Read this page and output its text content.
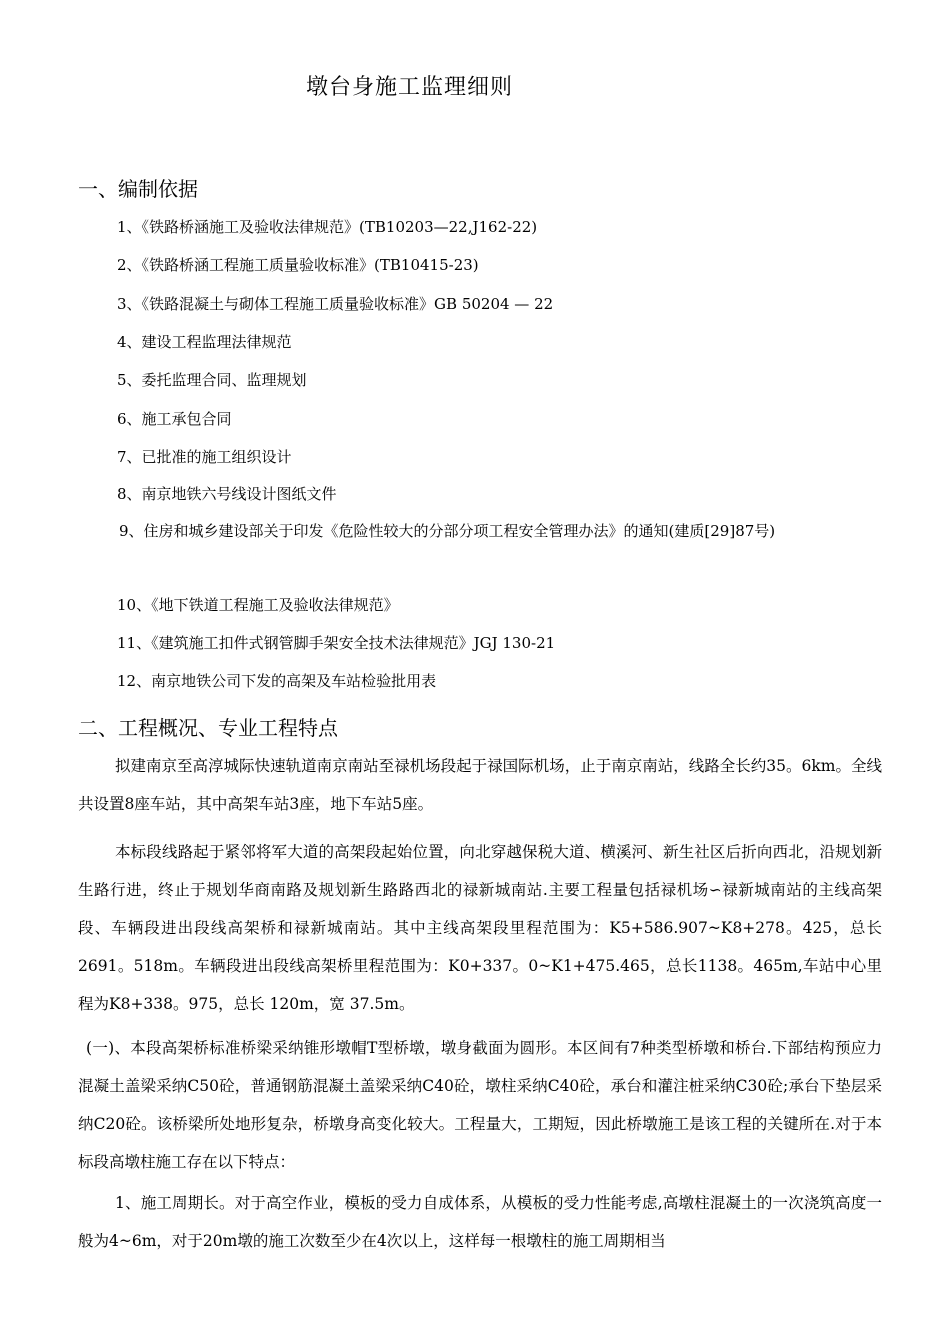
墩台身施工监理细则
一、编制依据
1、《铁路桥涵施工及验收法律规范》(TB10203—22,J162-22)
2、《铁路桥涵工程施工质量验收标准》(TB10415-23)
3、《铁路混凝土与砌体工程施工质量验收标准》GB 50204 — 22
4、建设工程监理法律规范
5、委托监理合同、监理规划
6、施工承包合同
7、已批准的施工组织设计
8、南京地铁六号线设计图纸文件
9、住房和城乡建设部关于印发《危险性较大的分部分项工程安全管理办法》的通知(建质[29]87号)
10、《地下铁道工程施工及验收法律规范》
11、《建筑施工扣件式钢管脚手架安全技术法律规范》JGJ 130-21
12、南京地铁公司下发的高架及车站检验批用表
二、工程概况、专业工程特点
拟建南京至高淳城际快速轨道南京南站至禄机场段起于禄国际机场，止于南京南站，线路全长约35。6km。全线共设置8座车站，其中高架车站3座，地下车站5座。
本标段线路起于紧邻将军大道的高架段起始位置，向北穿越保税大道、横溪河、新生社区后折向西北，沿规划新生路行进，终止于规划华商南路及规划新生路路西北的禄新城南站.主要工程量包括禄机场∽禄新城南站的主线高架段、车辆段进出段线高架桥和禄新城南站。其中主线高架段里程范围为：K5+586.907~K8+278。425，总长2691。518m。车辆段进出段线高架桥里程范围为：K0+337。0~K1+475.465，总长1138。465m,车站中心里程为K8+338。975，总长 120m，宽 37.5m。
(一)、本段高架桥标准桥梁采纳锥形墩帽T型桥墩，墩身截面为圆形。本区间有7种类型桥墩和桥台.下部结构预应力混凝土盖梁采纳C50砼，普通钢筋混凝土盖梁采纳C40砼，墩柱采纳C40砼，承台和灌注桩采纳C30砼;承台下垫层采纳C20砼。该桥梁所处地形复杂，桥墩身高变化较大。工程量大，工期短，因此桥墩施工是该工程的关键所在.对于本标段高墩柱施工存在以下特点：
1、施工周期长。对于高空作业，模板的受力自成体系，从模板的受力性能考虑,高墩柱混凝土的一次浇筑高度一般为4~6m，对于20m墩的施工次数至少在4次以上，这样每一根墩柱的施工周期相当
